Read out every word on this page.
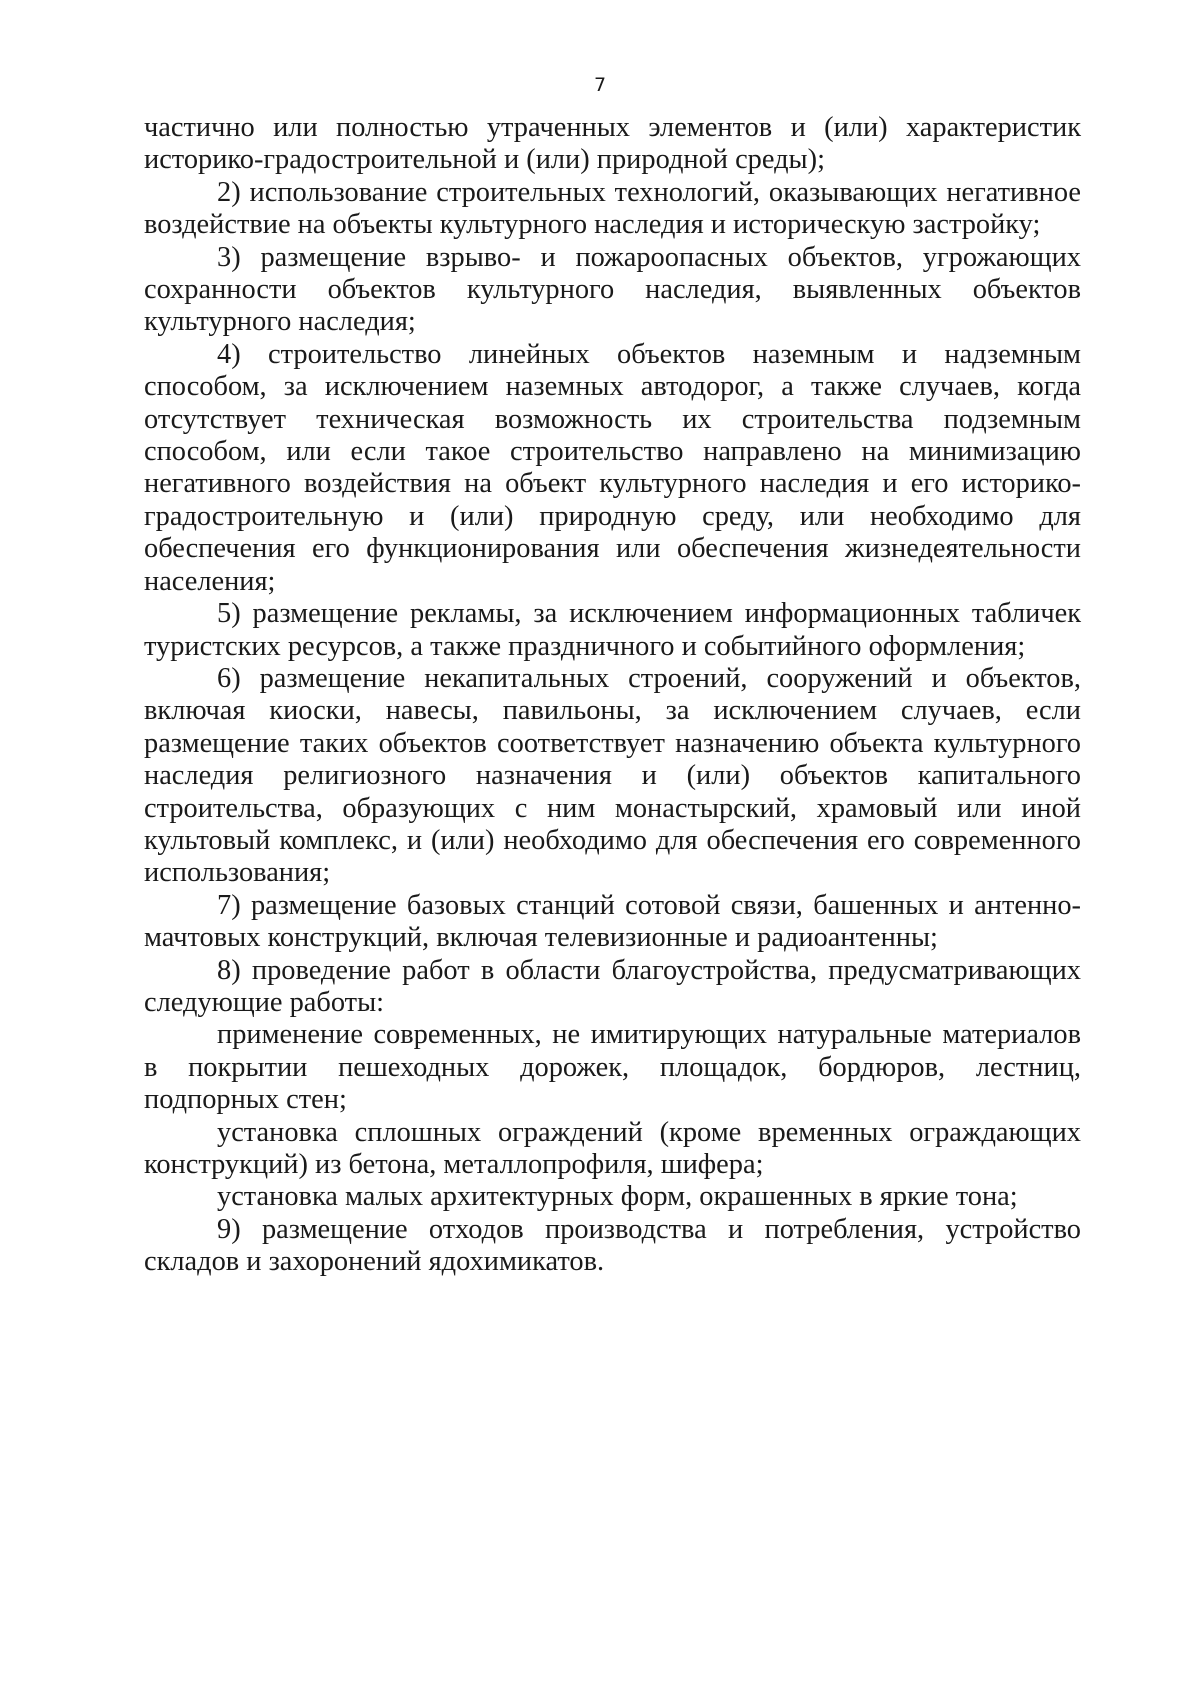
7

частично или полностью утраченных элементов и (или) характеристик историко-градостроительной и (или) природной среды);

2) использование строительных технологий, оказывающих негативное воздействие на объекты культурного наследия и историческую застройку;

3) размещение взрыво- и пожароопасных объектов, угрожающих сохранности объектов культурного наследия, выявленных объектов культурного наследия;

4) строительство линейных объектов наземным и надземным способом, за исключением наземных автодорог, а также случаев, когда отсутствует техническая возможность их строительства подземным способом, или если такое строительство направлено на минимизацию негативного воздействия на объект культурного наследия и его историко-градостроительную и (или) природную среду, или необходимо для обеспечения его функционирования или обеспечения жизнедеятельности населения;

5) размещение рекламы, за исключением информационных табличек туристских ресурсов, а также праздничного и событийного оформления;

6) размещение некапитальных строений, сооружений и объектов, включая киоски, навесы, павильоны, за исключением случаев, если размещение таких объектов соответствует назначению объекта культурного наследия религиозного назначения и (или) объектов капитального строительства, образующих с ним монастырский, храмовый или иной культовый комплекс, и (или) необходимо для обеспечения его современного использования;

7) размещение базовых станций сотовой связи, башенных и антенно-мачтовых конструкций, включая телевизионные и радиоантенны;

8) проведение работ в области благоустройства, предусматривающих следующие работы:

применение современных, не имитирующих натуральные материалов в покрытии пешеходных дорожек, площадок, бордюров, лестниц, подпорных стен;

установка сплошных ограждений (кроме временных ограждающих конструкций) из бетона, металлопрофиля, шифера;

установка малых архитектурных форм, окрашенных в яркие тона;

9) размещение отходов производства и потребления, устройство складов и захоронений ядохимикатов.
